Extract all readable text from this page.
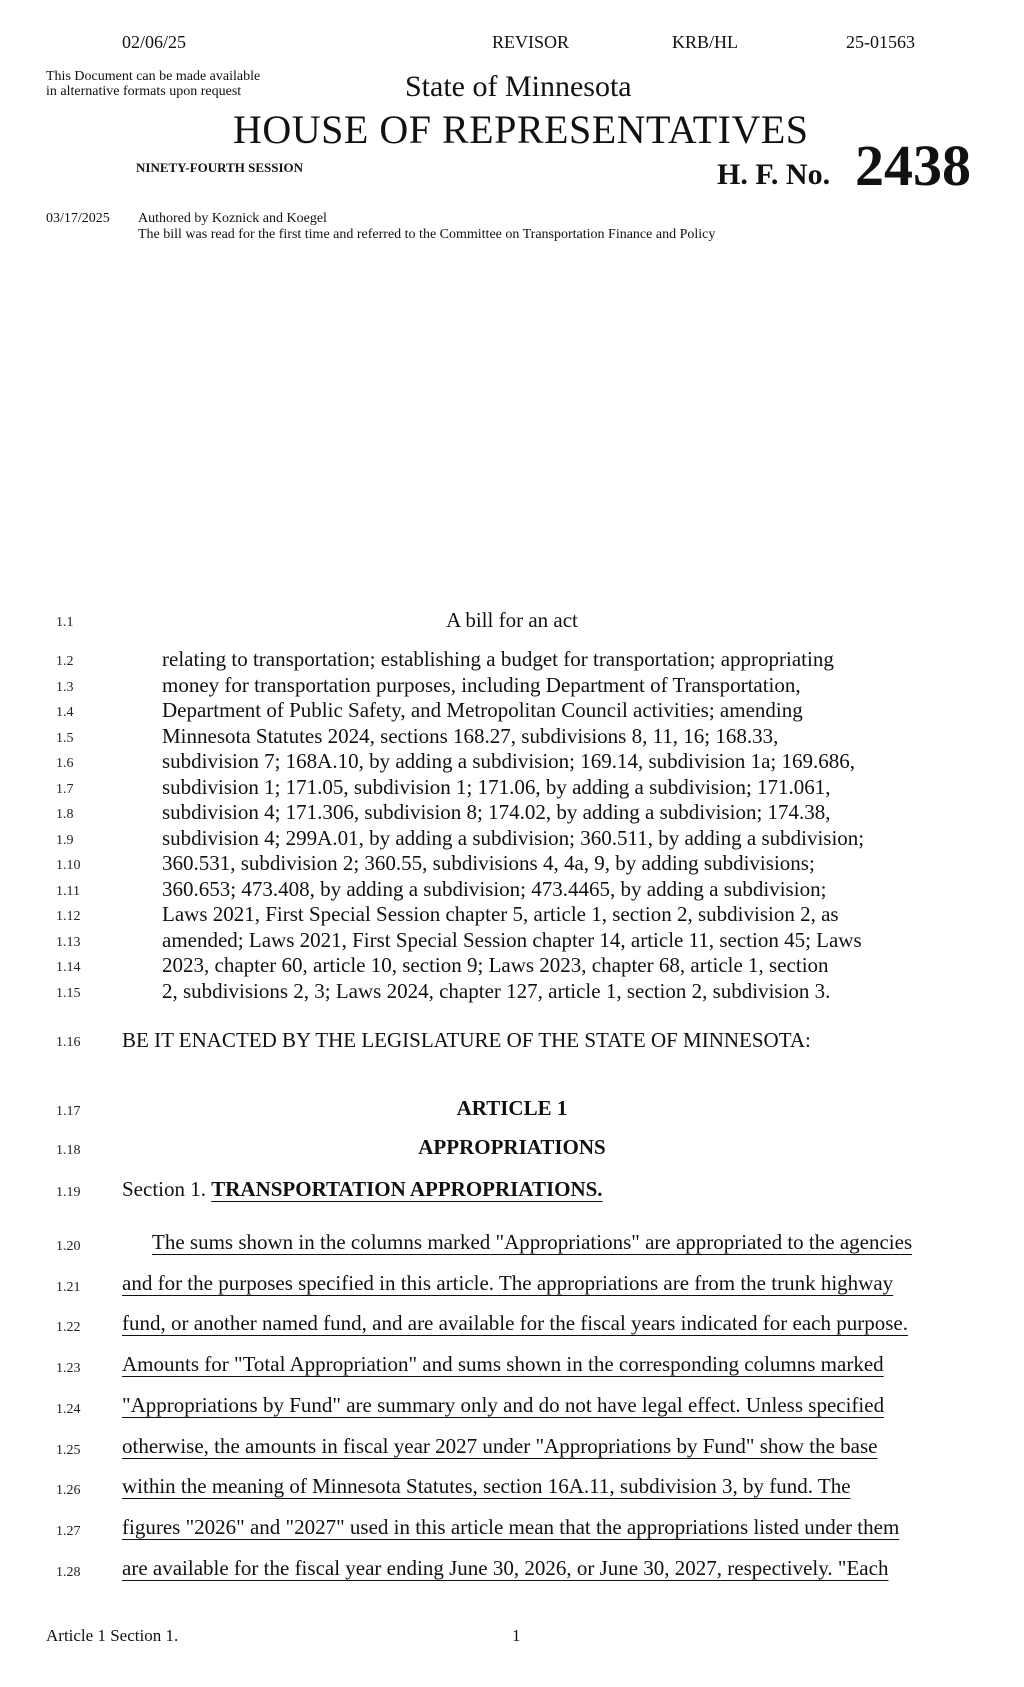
02/06/25	REVISOR	KRB/HL	25-01563
This Document can be made available
in alternative formats upon request	State of Minnesota
HOUSE OF REPRESENTATIVES
NINETY-FOURTH SESSION	H. F. No. 2438
03/17/2025 Authored by Koznick and Koegel
The bill was read for the first time and referred to the Committee on Transportation Finance and Policy
1.1	A bill for an act
1.2	relating to transportation; establishing a budget for transportation; appropriating
1.3	money for transportation purposes, including Department of Transportation,
1.4	Department of Public Safety, and Metropolitan Council activities; amending
1.5	Minnesota Statutes 2024, sections 168.27, subdivisions 8, 11, 16; 168.33,
1.6	subdivision 7; 168A.10, by adding a subdivision; 169.14, subdivision 1a; 169.686,
1.7	subdivision 1; 171.05, subdivision 1; 171.06, by adding a subdivision; 171.061,
1.8	subdivision 4; 171.306, subdivision 8; 174.02, by adding a subdivision; 174.38,
1.9	subdivision 4; 299A.01, by adding a subdivision; 360.511, by adding a subdivision;
1.10	360.531, subdivision 2; 360.55, subdivisions 4, 4a, 9, by adding subdivisions;
1.11	360.653; 473.408, by adding a subdivision; 473.4465, by adding a subdivision;
1.12	Laws 2021, First Special Session chapter 5, article 1, section 2, subdivision 2, as
1.13	amended; Laws 2021, First Special Session chapter 14, article 11, section 45; Laws
1.14	2023, chapter 60, article 10, section 9; Laws 2023, chapter 68, article 1, section
1.15	2, subdivisions 2, 3; Laws 2024, chapter 127, article 1, section 2, subdivision 3.
1.16	BE IT ENACTED BY THE LEGISLATURE OF THE STATE OF MINNESOTA:
1.17	ARTICLE 1
1.18	APPROPRIATIONS
1.19	Section 1. TRANSPORTATION APPROPRIATIONS.
1.20	The sums shown in the columns marked "Appropriations" are appropriated to the agencies
1.21	and for the purposes specified in this article. The appropriations are from the trunk highway
1.22	fund, or another named fund, and are available for the fiscal years indicated for each purpose.
1.23	Amounts for "Total Appropriation" and sums shown in the corresponding columns marked
1.24	"Appropriations by Fund" are summary only and do not have legal effect. Unless specified
1.25	otherwise, the amounts in fiscal year 2027 under "Appropriations by Fund" show the base
1.26	within the meaning of Minnesota Statutes, section 16A.11, subdivision 3, by fund. The
1.27	figures "2026" and "2027" used in this article mean that the appropriations listed under them
1.28	are available for the fiscal year ending June 30, 2026, or June 30, 2027, respectively. "Each
Article 1 Section 1.	1
